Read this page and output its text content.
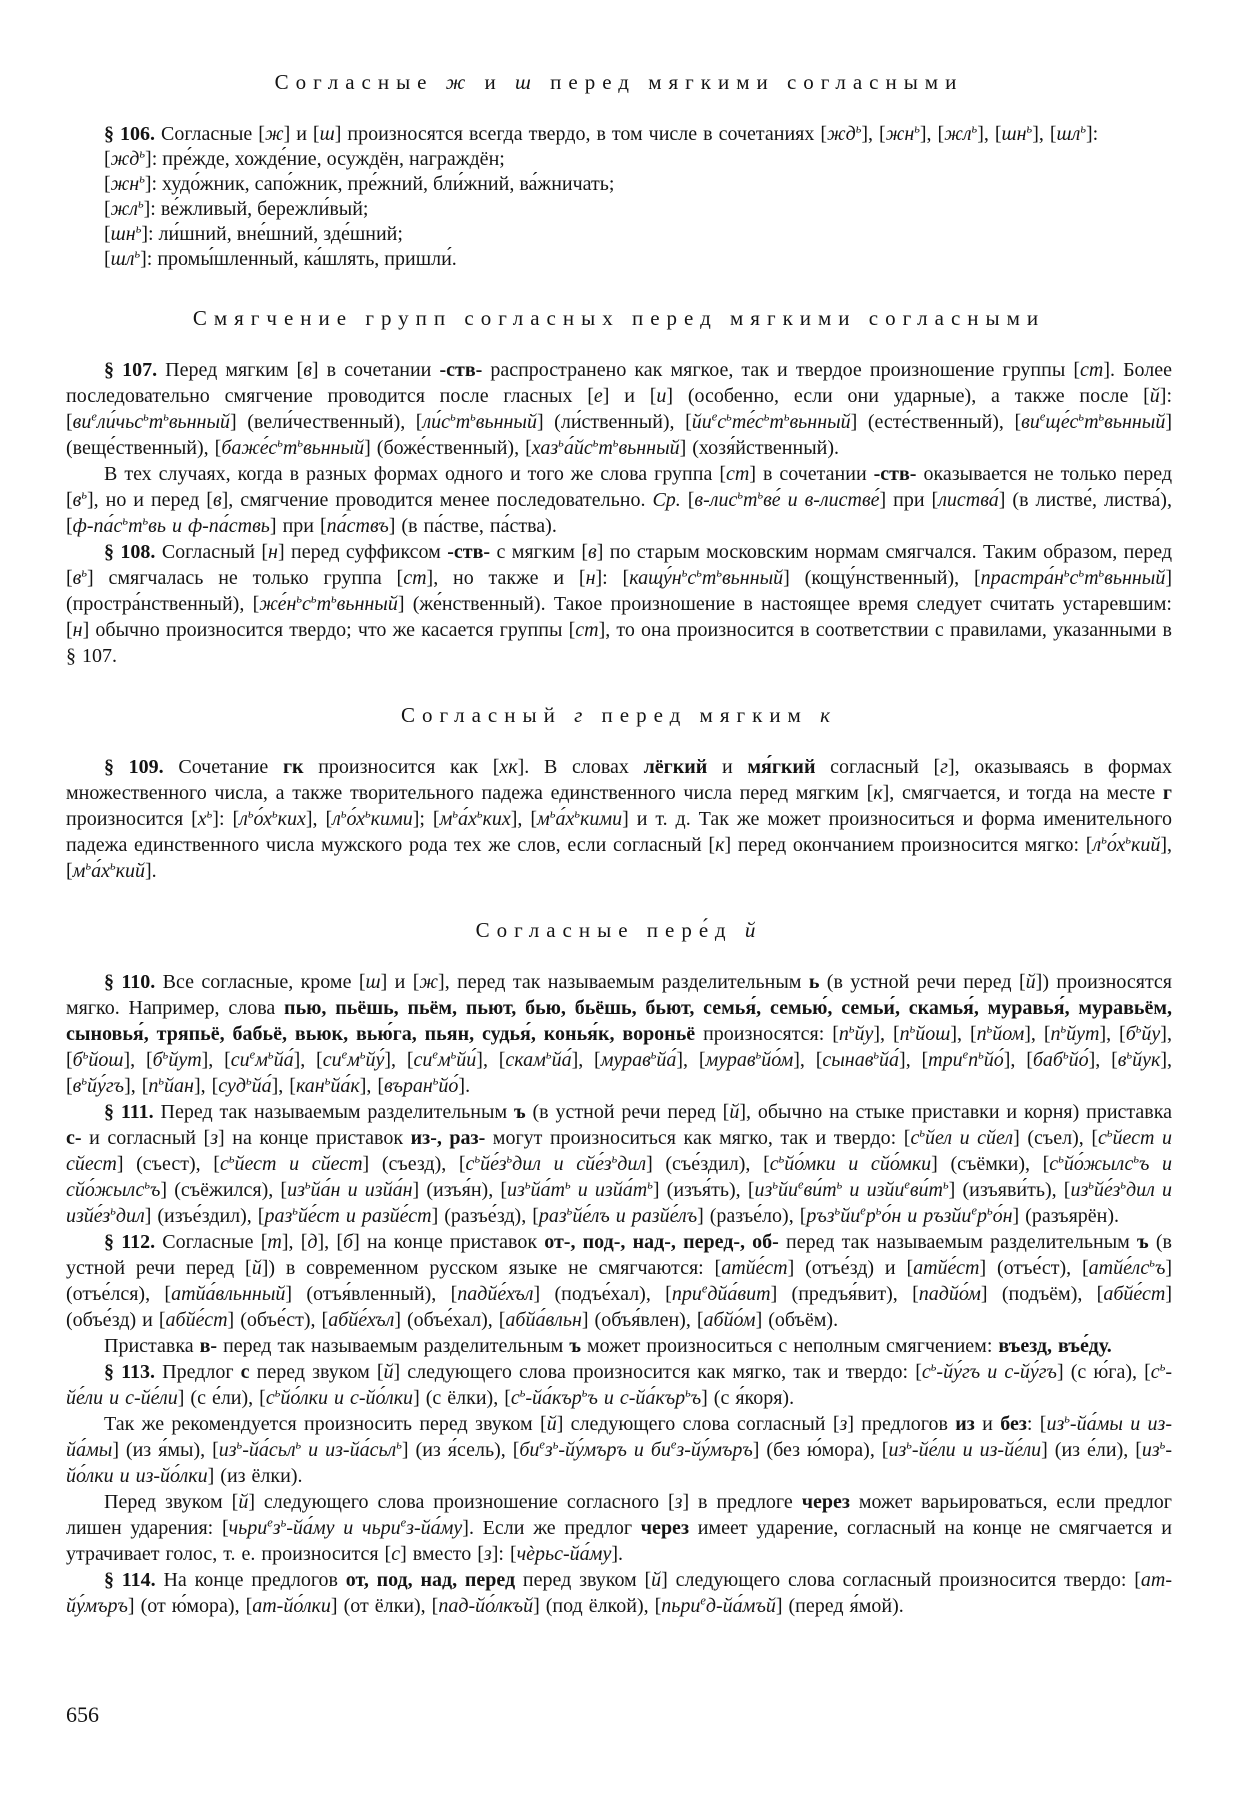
Согласные ж и ш перед мягкими согласными
§ 106. Согласные [ж] и [ш] произносятся всегда твердо, в том числе в сочетаниях $[жд^ь]$, $[жн^ь]$, $[жл^ь]$, $[шн^ь]$, $[шл^ь]$:
$[жд^ь]$: пре́жде, хожде́ние, осуждён, награждён;
$[жн^ь]$: худо́жник, сапо́жник, пре́жний, бли́жний, ва́жничать;
$[жл^ь]$: ве́жливый, бережли́вый;
$[шн^ь]$: ли́шний, вне́шний, зде́шний;
$[шл^ь]$: промы́шленный, ка́шлять, пришли́.
Смягчение групп согласных перед мягкими согласными
§ 107. Перед мягким [в] в сочетании -ств- распространено как мягкое, так и твердое произношение группы [ст]. Более последовательно смягчение проводится после гласных [е] и [и] (особенно, если они ударные), а также после [й]: $[ви^ели́чьс^ьт^ьвьнный]$ (вели́чественный), $[ли́с^ьт^ьвьнный]$ (ли́ственный), $[йи^ес^ьте́с^ьт^ьвьнный]$ (есте́ственный), $[ви^еще́с^ьт^ьвьнный]$ (веще́ственный), $[баже́с^ьт^ьвьнный]$ (боже́ственный), $[хаз^ьа́йс^ьт^ьвьнный]$ (хозя́йственный).
В тех случаях, когда в разных формах одного и того же слова группа [ст] в сочетании -ств- оказывается не только перед $[в^ь]$, но и перед [в], смягчение проводится менее последовательно. Ср. [$в-лис^ьт^ьве́$ и в-листве́] при [листва́] (в листве́, листва́), [$ф-па́с^ьт^ьвь$ и ф-па́ствь] при [па́ствъ] (в па́стве, па́ства).
§ 108. Согласный [н] перед суффиксом -ств- с мягким [в] по старым московским нормам смягчался. Таким образом, перед $[в^ь]$ смягчалась не только группа [ст], но также и [н]: $[кащу́н^ьс^ьт^ьвьнный]$ (кощу́нственный), $[прастра́н^ьс^ьт^ьвьнный]$ (простра́нственный), $[же́н^ьс^ьт^ьвьнный]$ (же́нственный). Такое произношение в настоящее время следует считать устаревшим: [н] обычно произносится твердо; что же касается группы [ст], то она произносится в соответствии с правилами, указанными в § 107.
Согласный г перед мягким к
§ 109. Сочетание гк произносится как [хк]. В словах лёгкий и мя́гкий согласный [г], оказываясь в формах множественного числа, а также творительного падежа единственного числа перед мягким [к], смягчается, и тогда на месте г произносится $[х^ь]$: $[л^ьо́х^ьких]$, $[л^ьо́х^ькими]$; $[м^ьа́х^ьких]$, $[м^ьа́х^ькими]$ и т. д. Так же может произноситься и форма именительного падежа единственного числа мужского рода тех же слов, если согласный [к] перед окончанием произносится мягко: $[л^ьо́х^ький]$, $[м^ьа́х^ький]$.
Согласные пере́д й
§ 110. Все согласные, кроме [ш] и [ж], перед так называемым разделительным ь (в устной речи перед [й]) произносятся мягко. Например, слова пью, пьёшь, пьём, пьют, бью, бьёшь, бьют, семья́, семью́, семьи́, скамья́, муравья́, муравьём, сыновья́, тряпьё, бабьё, вьюк, вью́га, пьян, судья́, конья́к, вороньё произносятся: $[п^ьйу]$, $[п^ьйош]$, $[п^ьйом]$, $[п^ьйут]$, $[б^ьйу]$, $[б^ьйош]$, $[б^ьйут]$, $[си^ем^ьйа́]$, $[си^ем^ьйу́]$, $[си^ем^ьйи́]$, [скам$^ь$йа́], [мурав$^ь$йа́], [мурав$^ь$йо́м], [сынав$^ь$йа́], $[три^еп^ьйо́]$, [баб$^ь$йо́], $[в^ьйук]$, $[в^ьйу́гъ]$, $[п^ьйан]$, [суд$^ь$йа́], [кан$^ь$йа́к], [въран$^ь$йо́].
§ 111. Перед так называемым разделительным ъ (в устной речи перед [й], обычно на стыке приставки и корня) приставка с- и согласный [з] на конце приставок из-, раз- могут произноситься как мягко, так и твердо: [$с^ьйел$ и сйел] (съел), [$с^ьйест$ и сйест] (съест), [$с^ьйест$ и сйест] (съезд), [$с^ьйе́з^ьдил$ и $сйе́з^ьдил$] (съе́здил), [$с^ьйо́мки$ и сйо́мки] (съёмки), [$с^ьйо́жылс^ьъ$ и сйо́жылс$^ь$ъ] (съёжился), [$из^ьйа́н$ и изйа́н] (изъя́н), [$из^ьйа́т^ь$ и $изйа́т^ь$] (изъя́ть), [$из^ьйи^еви́т^ь$ и $изйи^еви́т^ь$] (изъяви́ть), [$из^ьйе́з^ьдил$ и $изйе́з^ьдил$] (изъе́здил), [раз$^ь$йе́ст и разйе́ст] (разъе́зд), [раз$^ь$йе́лъ и разйе́лъ] (разъе́ло), [$ръз^ьйи^ер^ьо́н$ и $ръзйи^ер^ьо́н$] (разъярён).
§ 112. Согласные [т], [д], [б] на конце приставок от-, под-, над-, перед-, об- перед так называемым разделительным ъ (в устной речи перед [й]) в современном русском языке не смягчаются: [атйе́ст] (отъе́зд) и [атйе́ст] (отъе́ст), $[атйе́лс^ьъ]$ (отъе́лся), [атйа́вльнный] (отъя́вленный), [падйе́хъл] (подъе́хал), [при$^е$дйа́вит] (предъя́вит), [падйо́м] (подъём), [абйе́ст] (объе́зд) и [абйе́ст] (объе́ст), [абйе́хъл] (объе́хал), [абйа́вльн] (объя́влен), [абйо́м] (объём).
Приставка в- перед так называемым разделительным ъ может произноситься с неполным смягчением: въезд, въе́ду.
§ 113. Предлог с перед звуком [й] следующего слова произносится как мягко, так и твердо: [$с^ь-йу́гъ$ и с-йу́гъ] (с ю́га), [$с^ь-йе́ли$ и с-йе́ли] (с е́ли), [$с^ьйо́лки$ и с-йо́лки] (с ёлки), [$с^ь-йа́кър^ьъ$ и с-йа́кър$^ь$ъ] (с я́коря).
Так же рекомендуется произносить перед звуком [й] следующего слова согласный [з] предлогов из и без: [$из^ь-йа́мы$ и из-йа́мы] (из я́мы), [$из^ь-йа́сьл^ь$ и из-йа́сьл$^ь$] (из я́сель), [$би^ез^ь-йу́мъръ$ и $би^ез-йу́мъръ$] (без ю́мора), [$из^ь-йе́ли$ и из-йе́ли] (из е́ли), [$из^ь-йо́лки$ и из-йо́лки] (из ёлки).
Перед звуком [й] следующего слова произношение согласного [з] в предлоге через может варьироваться, если предлог лишен ударения: [$чьри^ез^ь-йа́му$ и чьри$^е$з-йа́му]. Если же предлог через имеет ударение, согласный на конце не смягчается и утрачивает голос, т. е. произносится [с] вместо [з]: [чѐрьс-йа́му].
§ 114. На конце предлогов от, под, над, перед перед звуком [й] следующего слова согласный произносится твердо: [ат-йу́мъръ] (от ю́мора), [ат-йо́лки] (от ёлки), [пад-йо́лкъй] (под ёлкой), [пьри$^е$д-йа́мъй] (перед я́мой).
656
